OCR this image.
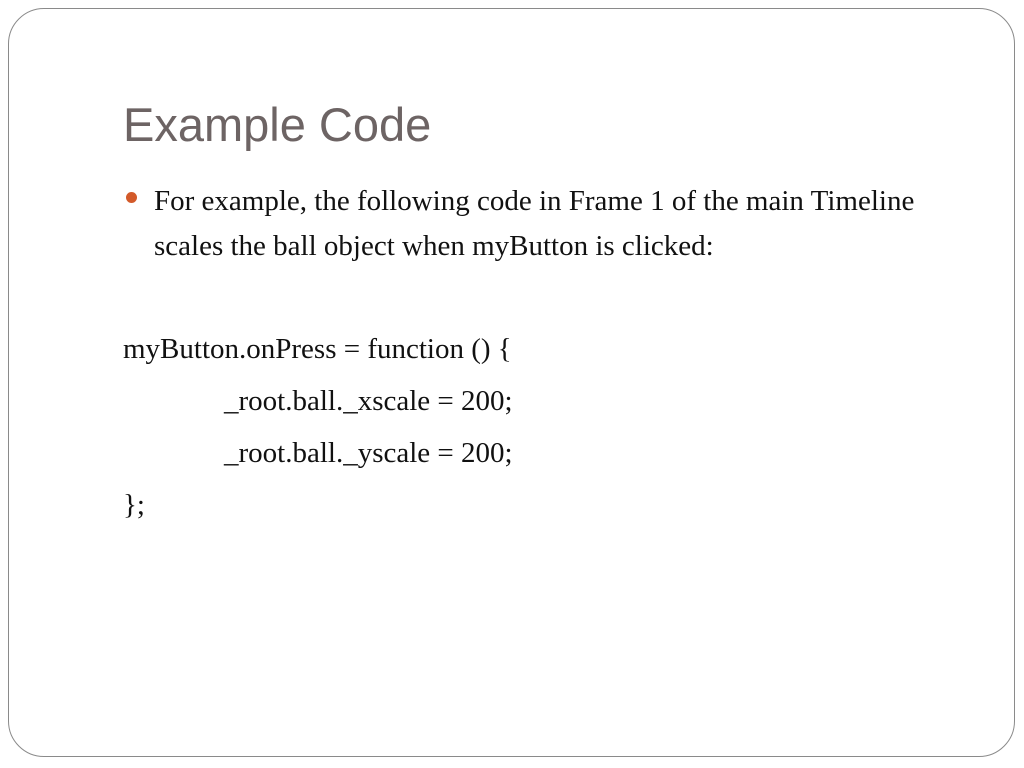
Example Code
For example, the following code in Frame 1 of the main Timeline scales the ball object when myButton is clicked:
myButton.onPress = function () {
_root.ball._xscale = 200;
_root.ball._yscale = 200;
};
